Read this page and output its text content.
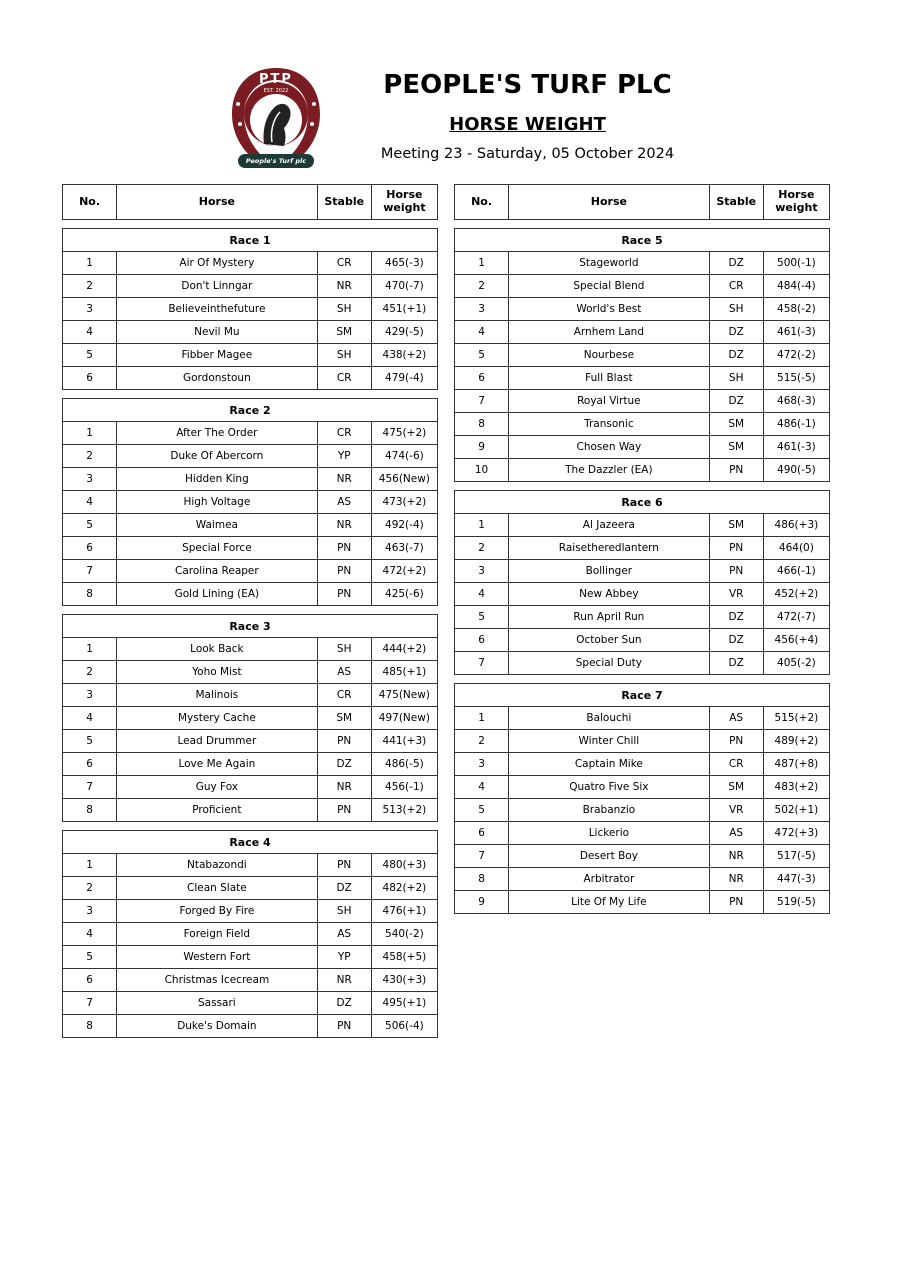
PTP
EST. 2022
People's Turf plc
PEOPLE'S TURF PLC
HORSE WEIGHT
Meeting 23 - Saturday, 05 October 2024
No.	Horse	Stable	Horse
weight
Race 1			
1	Air Of Mystery	CR	465(-3)
2	Don't Linngar	NR	470(-7)
3	Believeinthefuture	SH	451(+1)
4	Nevil Mu	SM	429(-5)
5	Fibber Magee	SH	438(+2)
6	Gordonstoun	CR	479(-4)
Race 2			
1	After The Order	CR	475(+2)
2	Duke Of Abercorn	YP	474(-6)
3	Hidden King	NR	456(New)
4	High Voltage	AS	473(+2)
5	Waimea	NR	492(-4)
6	Special Force	PN	463(-7)
7	Carolina Reaper	PN	472(+2)
8	Gold Lining (EA)	PN	425(-6)
Race 3			
1	Look Back	SH	444(+2)
2	Yoho Mist	AS	485(+1)
3	Malinois	CR	475(New)
4	Mystery Cache	SM	497(New)
5	Lead Drummer	PN	441(+3)
6	Love Me Again	DZ	486(-5)
7	Guy Fox	NR	456(-1)
8	Proficient	PN	513(+2)
Race 4			
1	Ntabazondi	PN	480(+3)
2	Clean Slate	DZ	482(+2)
3	Forged By Fire	SH	476(+1)
4	Foreign Field	AS	540(-2)
5	Western Fort	YP	458(+5)
6	Christmas Icecream	NR	430(+3)
7	Sassari	DZ	495(+1)
8	Duke's Domain	PN	506(-4)
No.	Horse	Stable	Horse
weight
Race 5			
1	Stageworld	DZ	500(-1)
2	Special Blend	CR	484(-4)
3	World's Best	SH	458(-2)
4	Arnhem Land	DZ	461(-3)
5	Nourbese	DZ	472(-2)
6	Full Blast	SH	515(-5)
7	Royal Virtue	DZ	468(-3)
8	Transonic	SM	486(-1)
9	Chosen Way	SM	461(-3)
10	The Dazzler (EA)	PN	490(-5)
Race 6			
1	Al Jazeera	SM	486(+3)
2	Raisetheredlantern	PN	464(0)
3	Bollinger	PN	466(-1)
4	New Abbey	VR	452(+2)
5	Run April Run	DZ	472(-7)
6	October Sun	DZ	456(+4)
7	Special Duty	DZ	405(-2)
Race 7			
1	Balouchi	AS	515(+2)
2	Winter Chill	PN	489(+2)
3	Captain Mike	CR	487(+8)
4	Quatro Five Six	SM	483(+2)
5	Brabanzio	VR	502(+1)
6	Lickerio	AS	472(+3)
7	Desert Boy	NR	517(-5)
8	Arbitrator	NR	447(-3)
9	Lite Of My Life	PN	519(-5)
